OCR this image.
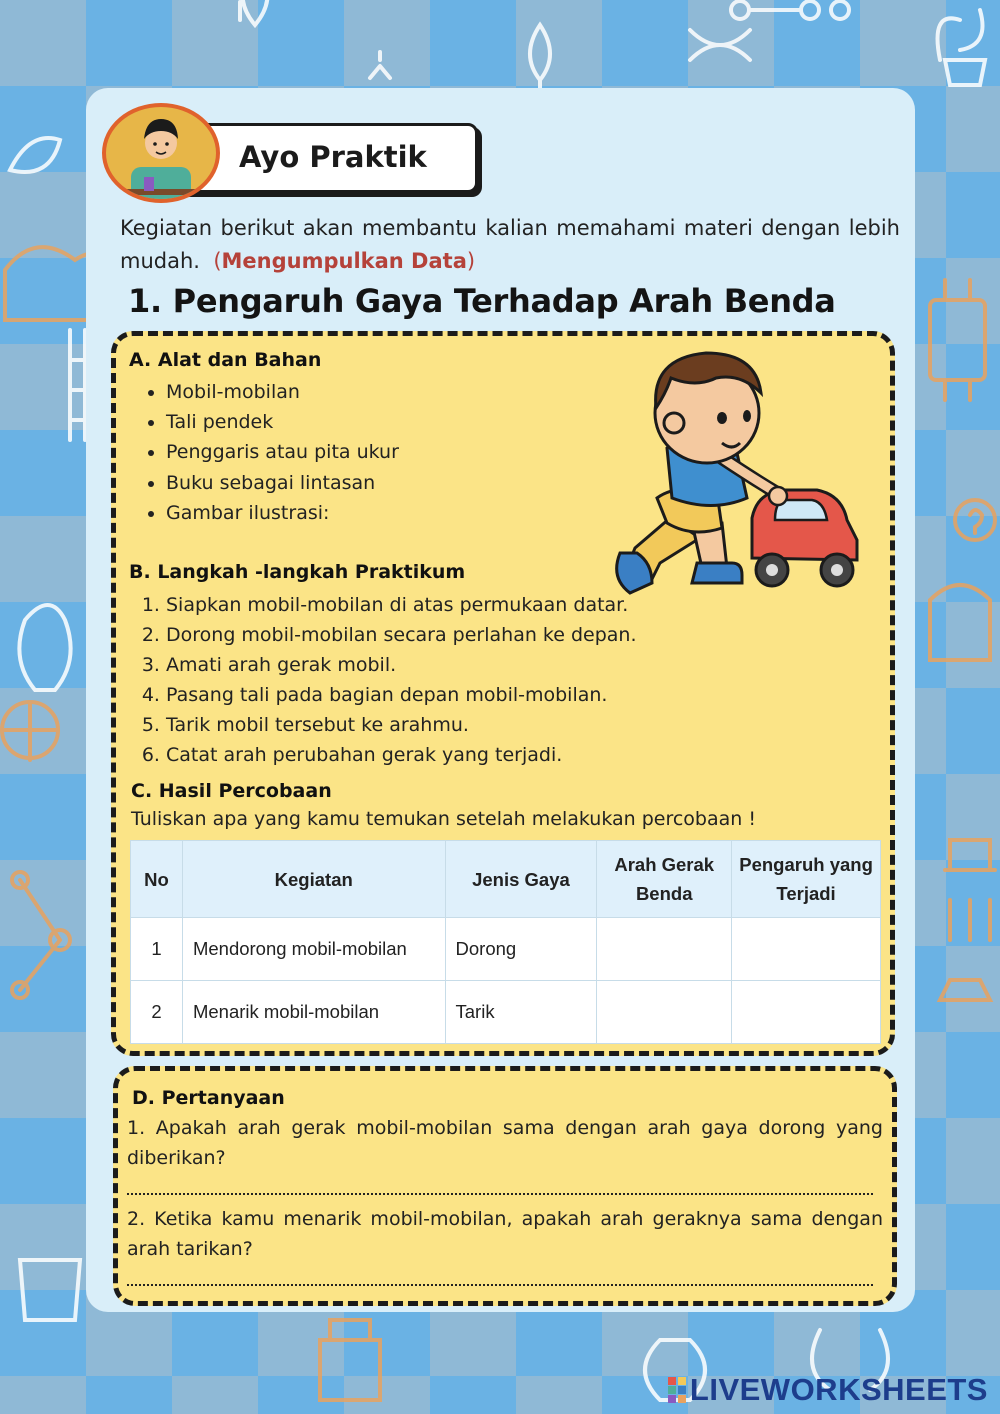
Ayo Praktik

Kegiatan berikut akan membantu kalian memahami materi dengan lebih mudah. (Mengumpulkan Data)

1. Pengaruh Gaya Terhadap Arah Benda
A. Alat dan Bahan
• Mobil-mobilan
• Tali pendek
• Penggaris atau pita ukur
• Buku sebagai lintasan
• Gambar ilustrasi:
B. Langkah -langkah Praktikum
1. Siapkan mobil-mobilan di atas permukaan datar.
2. Dorong mobil-mobilan secara perlahan ke depan.
3. Amati arah gerak mobil.
4. Pasang tali pada bagian depan mobil-mobilan.
5. Tarik mobil tersebut ke arahmu.
6. Catat arah perubahan gerak yang terjadi.
C. Hasil Percobaan

Tuliskan apa yang kamu temukan setelah melakukan percobaan !

No	Kegiatan	Jenis Gaya	Arah Gerak Benda	Pengaruh yang Terjadi
1	Mendorong mobil-mobilan	Dorong		
2	Menarik mobil-mobilan	Tarik		
D. Pertanyaan

1. Apakah arah gerak mobil-mobilan sama dengan arah gaya dorong yang diberikan?

2. Ketika kamu menarik mobil-mobilan, apakah arah geraknya sama dengan arah tarikan?

LIVEWORKSHEETS
